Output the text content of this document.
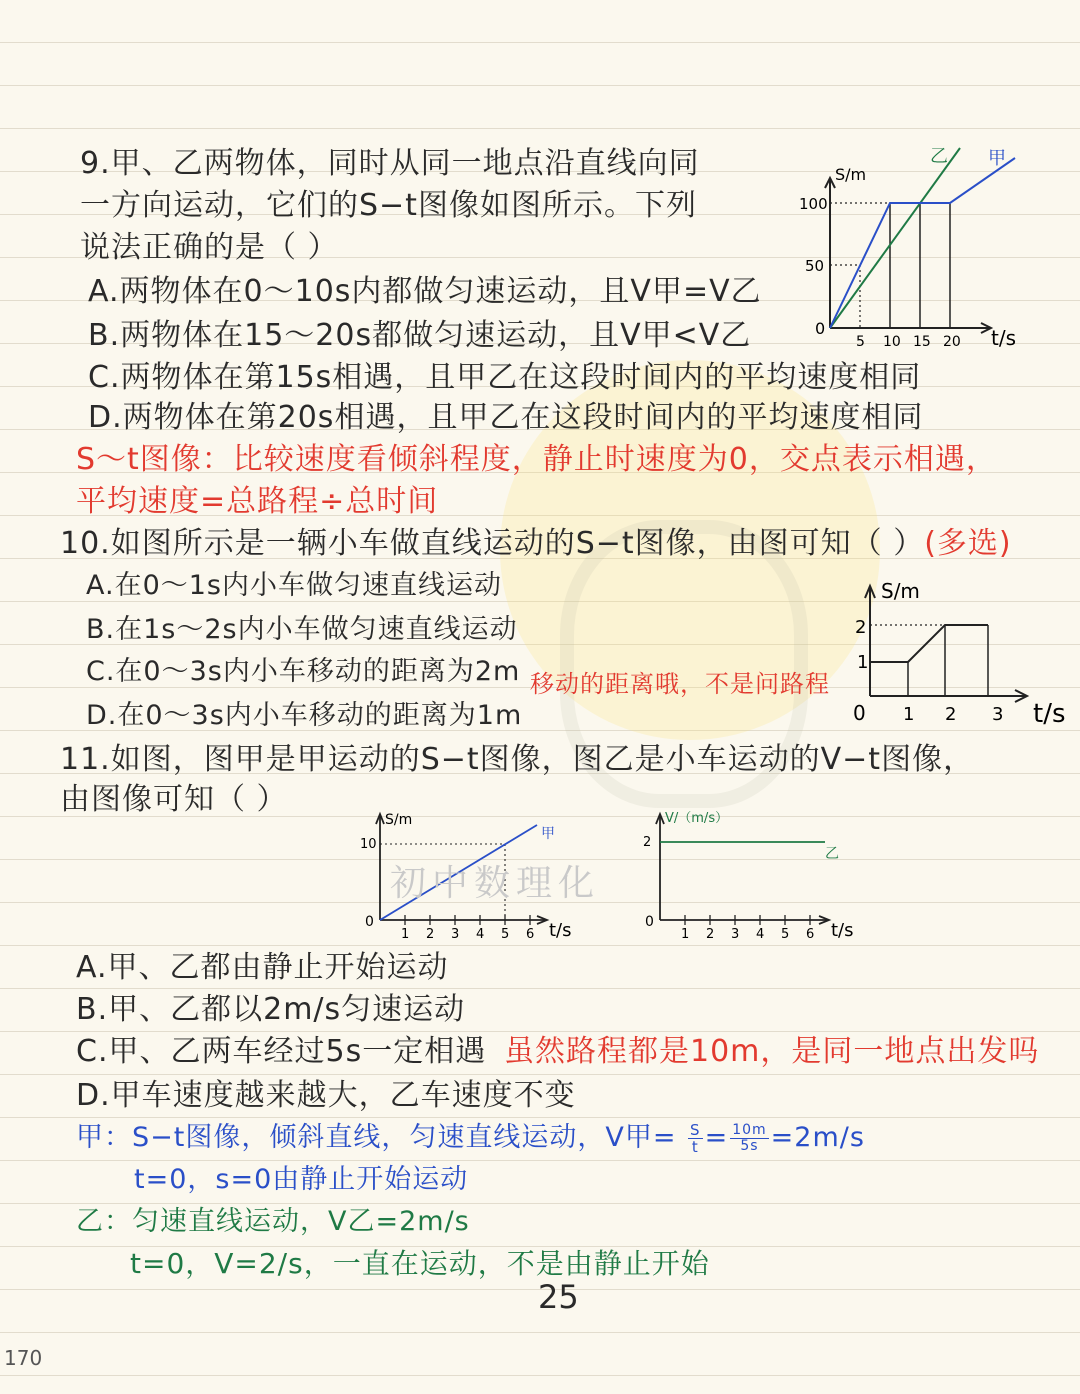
9.甲、乙两物体，同时从同一地点沿直线向同
一方向运动，它们的S−t图像如图所示。下列
说法正确的是（ ）
A.两物体在0～10s内都做匀速运动，且V甲=V乙
B.两物体在15～20s都做匀速运动，且V甲<V乙
C.两物体在第15s相遇，且甲乙在这段时间内的平均速度相同
D.两物体在第20s相遇，且甲乙在这段时间内的平均速度相同
S～t图像：比较速度看倾斜程度，静止时速度为0，交点表示相遇，
平均速度=总路程÷总时间
S/m
t/s
0
50
100
5 10 15 20
乙 甲
10.如图所示是一辆小车做直线运动的S−t图像，由图可知（ ）(多选)
A.在0～1s内小车做匀速直线运动
B.在1s～2s内小车做匀速直线运动
C.在0～3s内小车移动的距离为2m 移动的距离哦，不是问路程
D.在0～3s内小车移动的距离为1m
S/m
t/s
0
1
2
1 2 3
11.如图，图甲是甲运动的S−t图像，图乙是小车运动的V−t图像，
由图像可知（ ）
S/m
t/s
0
10
1 2 3 4 5 6
甲
V/（m/s）
t/s
0
2
1 2 3 4 5 6
乙
初中数理化
A.甲、乙都由静止开始运动
B.甲、乙都以2m/s匀速运动
C.甲、乙两车经过5s一定相遇 虽然路程都是10m，是同一地点出发吗
D.甲车速度越来越大，乙车速度不变
甲：S−t图像，倾斜直线，匀速直线运动，V甲= $\frac{S}{t} = \frac{10m}{5s} =2m/s$
t=0，s=0由静止开始运动
乙：匀速直线运动，V乙=2m/s
t=0，V=2/s，一直在运动，不是由静止开始
25
170
